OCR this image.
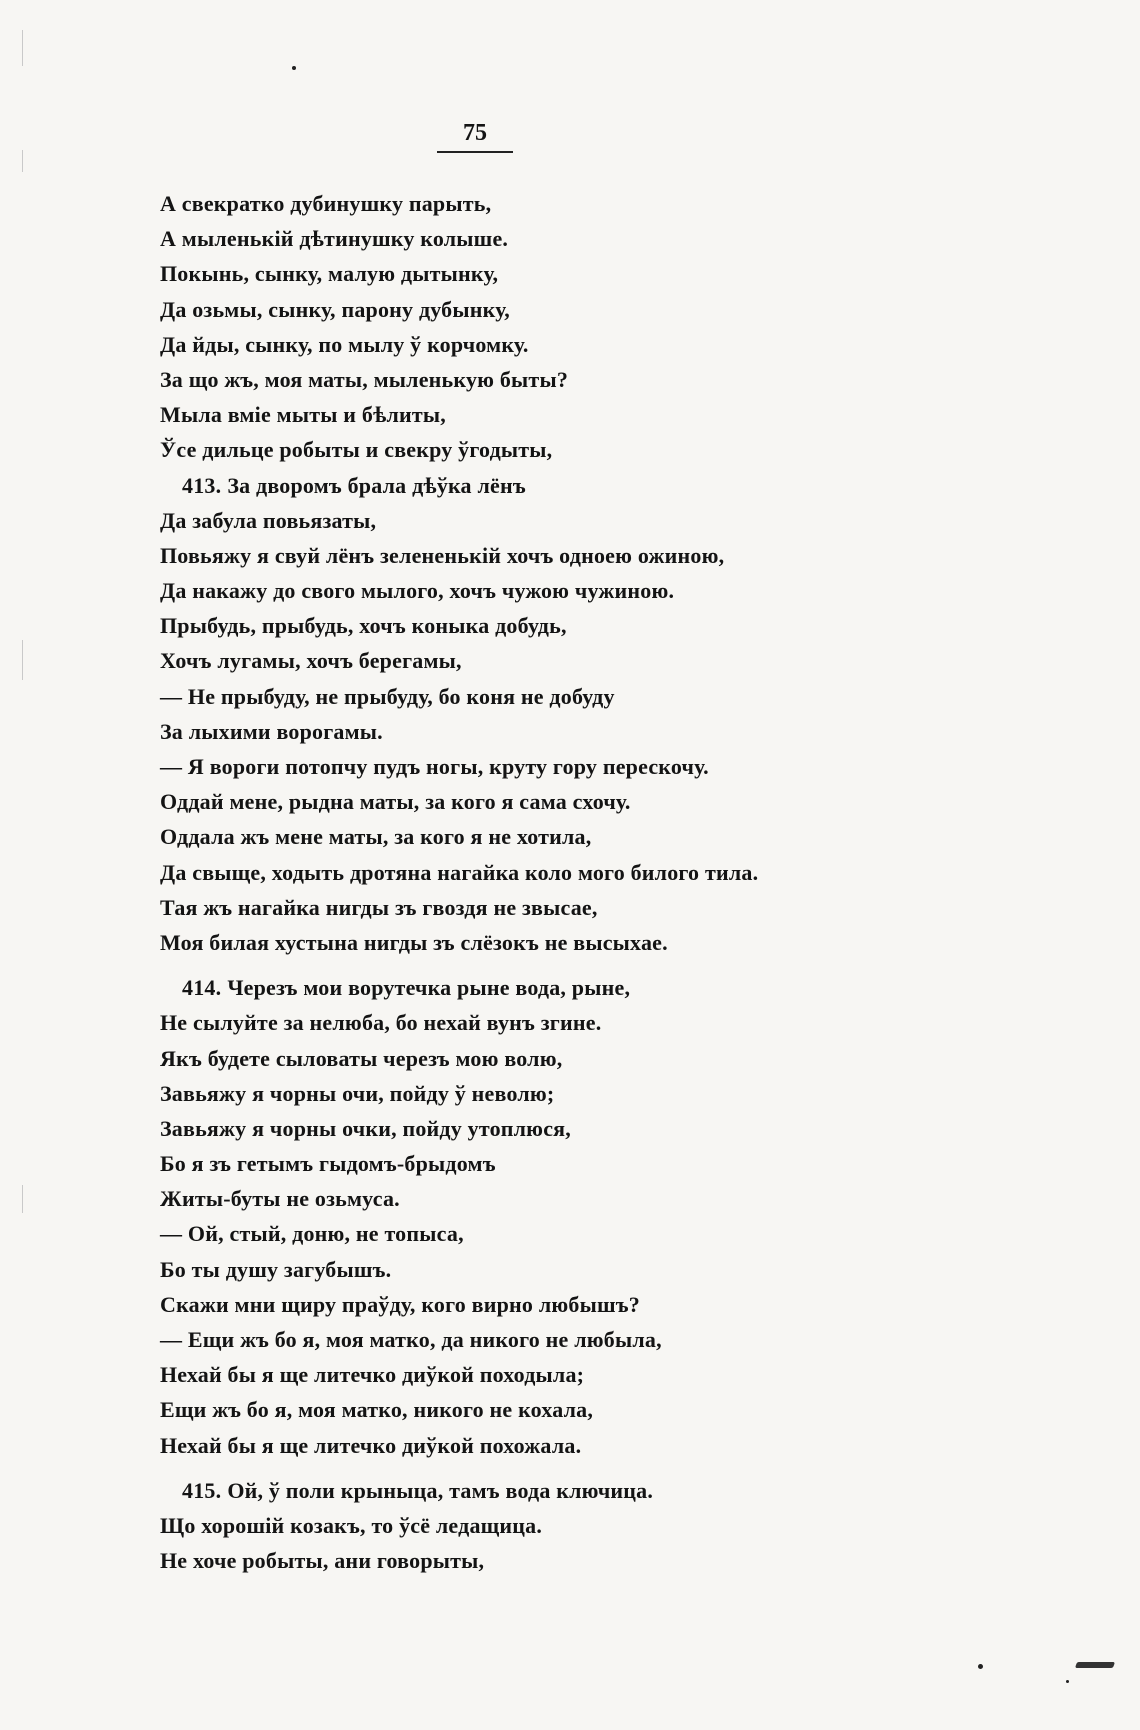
75
А свекратко дубинушку парыть,
А мыленькій дѣтинушку колыше.
Покынь, сынку, малую дытынку,
Да озьмы, сынку, парону дубынку,
Да йды, сынку, по мылу ў корчомку.
За що жъ, моя маты, мыленькую быты?
Мыла вміе мыты и бѣлиты,
Ўсе дильце робыты и свекру ўгодыты,
413. За дворомъ брала дѣўка лёнъ
Да забула повьязаты,
Повьяжу я свуй лёнъ зелененькій хочъ одноею ожиною,
Да накажу до свого мылого, хочъ чужою чужиною.
Прыбудь, прыбудь, хочъ коныка добудь,
Хочъ лугамы, хочъ берегамы,
— Не прыбуду, не прыбуду, бо коня не добуду
За лыхими ворогамы.
— Я вороги потопчу пудъ ногы, круту гору перескочу.
Оддай мене, рыдна маты, за кого я сама схочу.
Оддала жъ мене маты, за кого я не хотила,
Да свыще, ходыть дротяна нагайка коло мого билого тила.
Тая жъ нагайка нигды зъ гвоздя не звысае,
Моя билая хустына нигды зъ слёзокъ не высыхае.
414. Черезъ мои ворутечка рыне вода, рыне,
Не сылуйте за нелюба, бо нехай вунъ згине.
Якъ будете сыловаты черезъ мою волю,
Завьяжу я чорны очи, пойду ў неволю;
Завьяжу я чорны очки, пойду утоплюся,
Бо я зъ гетымъ гыдомъ-брыдомъ
Житы-буты не озьмуса.
— Ой, стый, доню, не топыса,
Бо ты душу загубышъ.
Скажи мни щиру праўду, кого вирно любышъ?
— Ещи жъ бо я, моя матко, да никого не любыла,
Нехай бы я ще литечко диўкой походыла;
Ещи жъ бо я, моя матко, никого не кохала,
Нехай бы я ще литечко диўкой похожала.
415. Ой, ў поли крыныца, тамъ вода ключица.
Що хорошій козакъ, то ўсё ледащица.
Не хоче робыты, ани говорыты,
